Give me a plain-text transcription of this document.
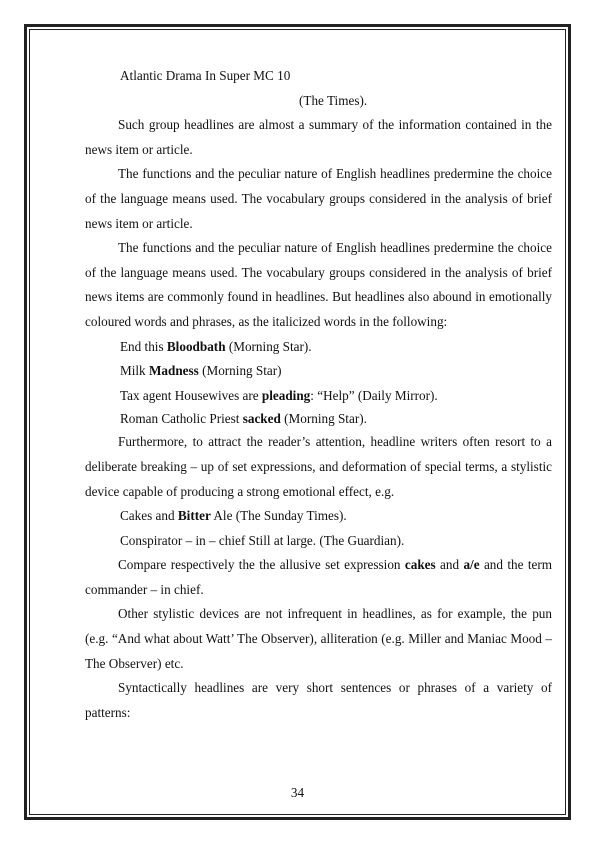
Atlantic Drama In Super MC 10

(The Times).

Such group headlines are almost a summary of the information contained in the news item or article.

The functions and the peculiar nature of English headlines predermine the choice of the language means used. The vocabulary groups considered in the analysis of brief news item or article.

The functions and the peculiar nature of English headlines predermine the choice of the language means used. The vocabulary groups considered in the analysis of brief news items are commonly found in headlines. But headlines also abound in emotionally coloured words and phrases, as the italicized words in the following:

End this Bloodbath (Morning Star).

Milk Madness (Morning Star)

Tax agent Housewives are pleading: “Help” (Daily Mirror).

Roman Catholic Priest sacked (Morning Star).

Furthermore, to attract the reader’s attention, headline writers often resort to a deliberate breaking – up of set expressions, and deformation of special terms, a stylistic device capable of producing a strong emotional effect, e.g.

Cakes and Bitter Ale (The Sunday Times).

Conspirator – in – chief Still at large. (The Guardian).

Compare respectively the the allusive set expression cakes and a/e and the term commander – in chief.

Other stylistic devices are not infrequent in headlines, as for example, the pun (e.g. “And what about Watt’ The Observer), alliteration (e.g. Miller and Maniac Mood – The Observer) etc.

Syntactically headlines are very short sentences or phrases of a variety of patterns:

34
